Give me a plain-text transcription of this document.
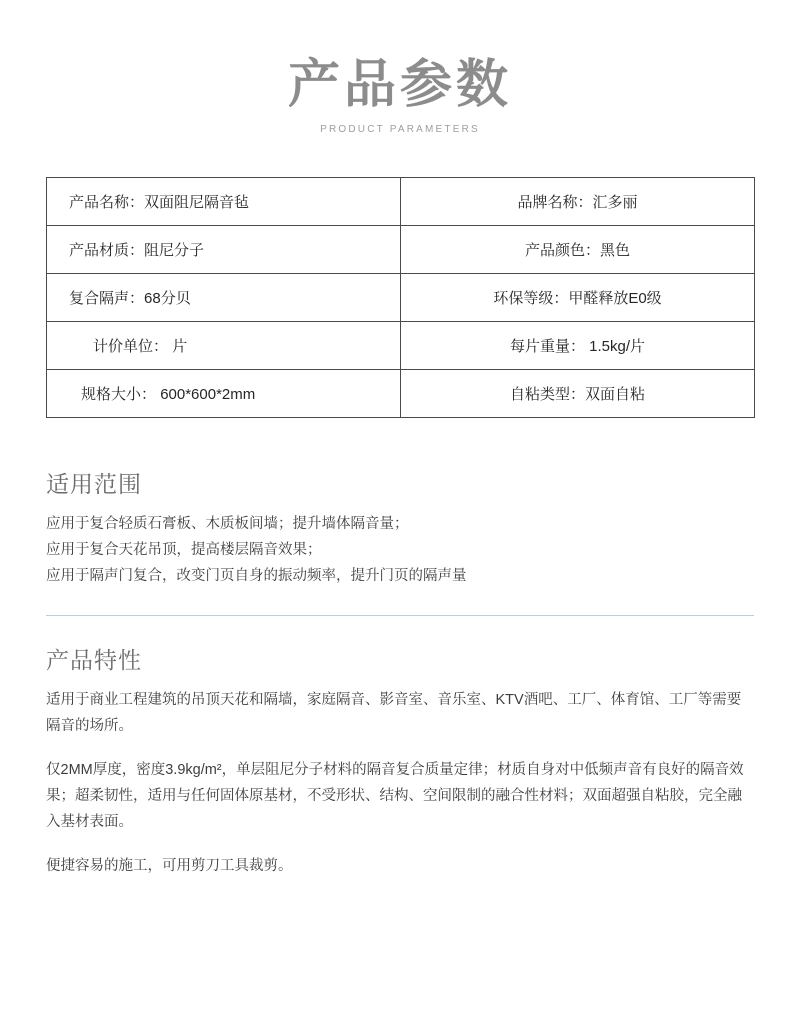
产品参数
PRODUCT PARAMETERS
产品名称：双面阻尼隔音毡	品牌名称：汇多丽
产品材质：阻尼分子	产品颜色：黑色
复合隔声：68分贝	环保等级：甲醛释放E0级
计价单位： 片	每片重量： 1.5kg/片
规格大小： 600*600*2mm	自粘类型：双面自粘
适用范围
应用于复合轻质石膏板、木质板间墙；提升墙体隔音量；
应用于复合天花吊顶，提高楼层隔音效果；
应用于隔声门复合，改变门页自身的振动频率，提升门页的隔声量
产品特性

适用于商业工程建筑的吊顶天花和隔墙，家庭隔音、影音室、音乐室、KTV酒吧、工厂、体育馆、工厂等需要隔音的场所。

仅2MM厚度，密度3.9kg/m²，单层阻尼分子材料的隔音复合质量定律；材质自身对中低频声音有良好的隔音效果；超柔韧性，适用与任何固体原基材，不受形状、结构、空间限制的融合性材料；双面超强自粘胶，完全融入基材表面。

便捷容易的施工，可用剪刀工具裁剪。
